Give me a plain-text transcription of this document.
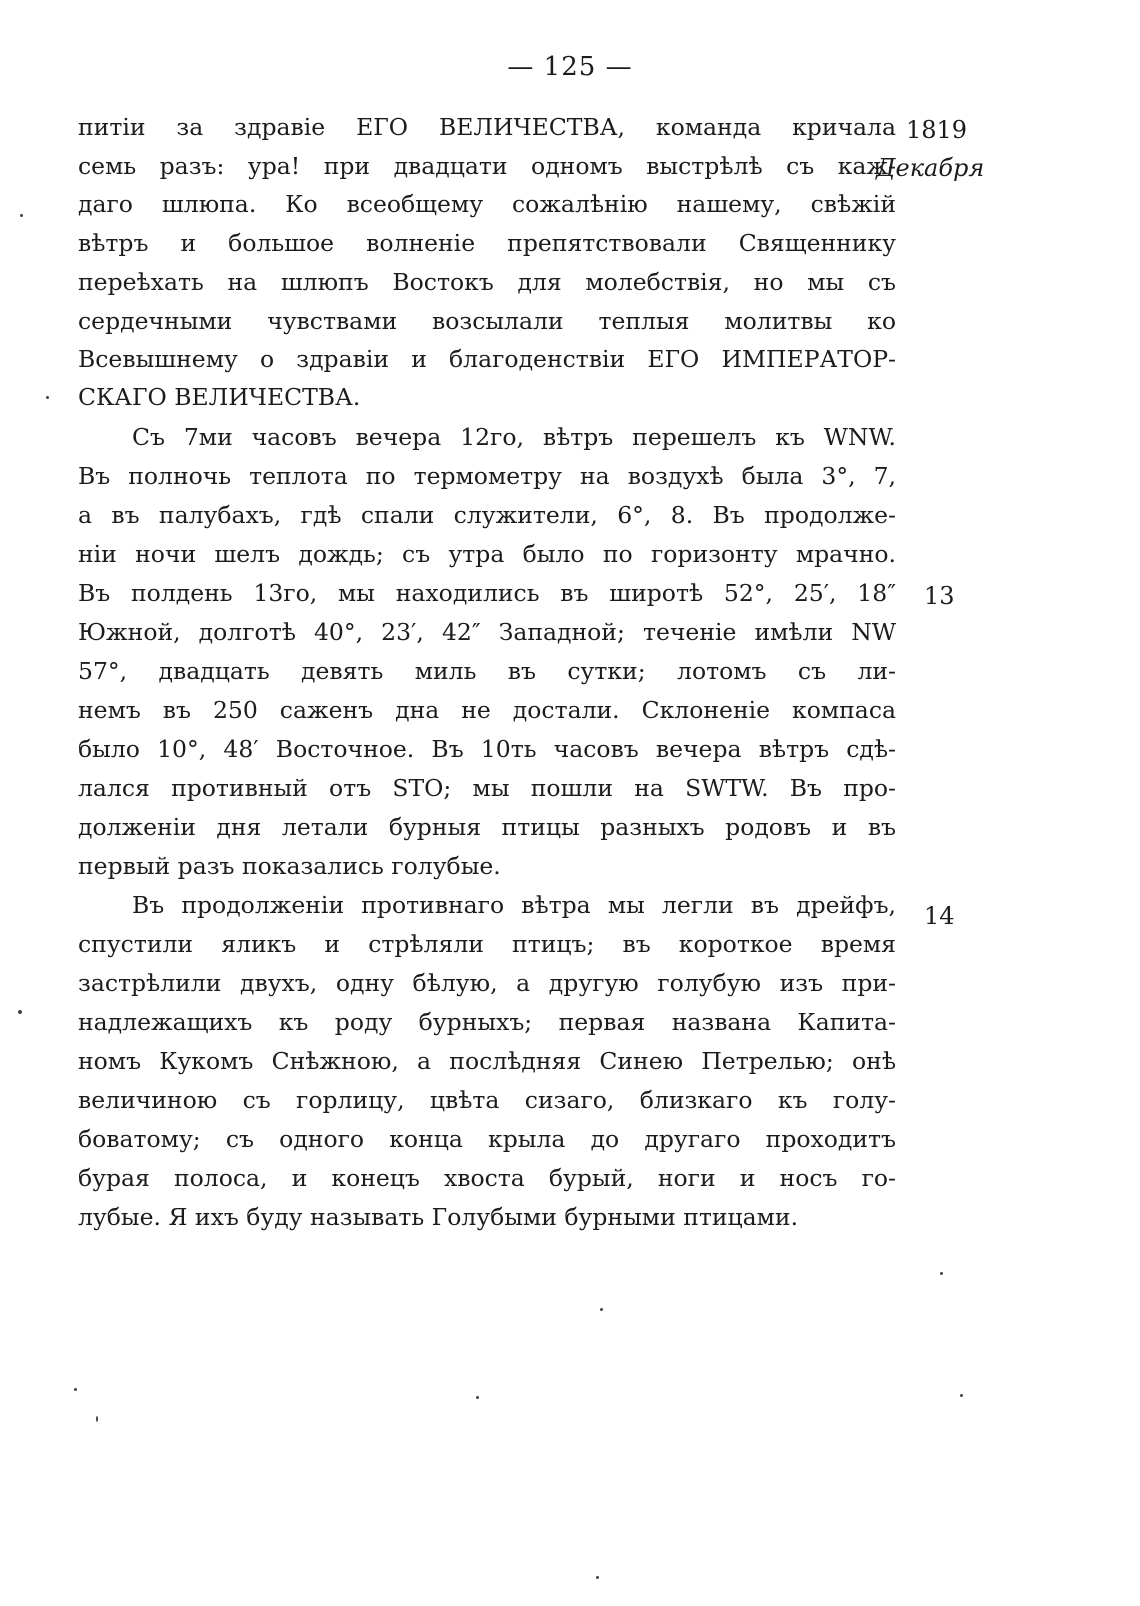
— 125 —
питіи за здравіе ЕГО ВЕЛИЧЕСТВА, команда кричала
семь разъ: ура! при двадцати одномъ выстрѣлѣ съ каж-
даго шлюпа. Ко всеобщему сожалѣнію нашему, свѣжій
вѣтръ и большое волненіе препятствовали Священнику
переѣхать на шлюпъ Востокъ для молебствія, но мы съ
сердечными чувствами возсылали теплыя молитвы ко
Всевышнему о здравіи и благоденствіи ЕГО ИМПЕРАТОР-
СКАГО ВЕЛИЧЕСТВА.
Съ 7ми часовъ вечера 12го, вѣтръ перешелъ къ WNW.
Въ полночь теплота по термометру на воздухѣ была 3°, 7,
а въ палубахъ, гдѣ спали служители, 6°, 8. Въ продолже-
ніи ночи шелъ дождь; съ утра было по горизонту мрачно.
Въ полдень 13го, мы находились въ широтѣ 52°, 25′, 18″
Южной, долготѣ 40°, 23′, 42″ Западной; теченіе имѣли NW
57°, двадцать девять миль въ сутки; лотомъ съ ли-
немъ въ 250 саженъ дна не достали. Склоненіе компаса
было 10°, 48′ Восточное. Въ 10ть часовъ вечера вѣтръ сдѣ-
лался противный отъ STO; мы пошли на SWTW. Въ про-
долженіи дня летали бурныя птицы разныхъ родовъ и въ
первый разъ показались голубые.
Въ продолженіи противнаго вѣтра мы легли въ дрейфъ,
спустили яликъ и стрѣляли птицъ; въ короткое время
застрѣлили двухъ, одну бѣлую, а другую голубую изъ при-
надлежащихъ къ роду бурныхъ; первая названа Капита-
номъ Кукомъ Снѣжною, а послѣдняя Синею Петрелью; онѣ
величиною съ горлицу, цвѣта сизаго, близкаго къ голу-
боватому; съ одного конца крыла до другаго проходитъ
бурая полоса, и конецъ хвоста бурый, ноги и носъ го-
лубые. Я ихъ буду называть Голубыми бурными птицами.
1819
Декабря
13
14
